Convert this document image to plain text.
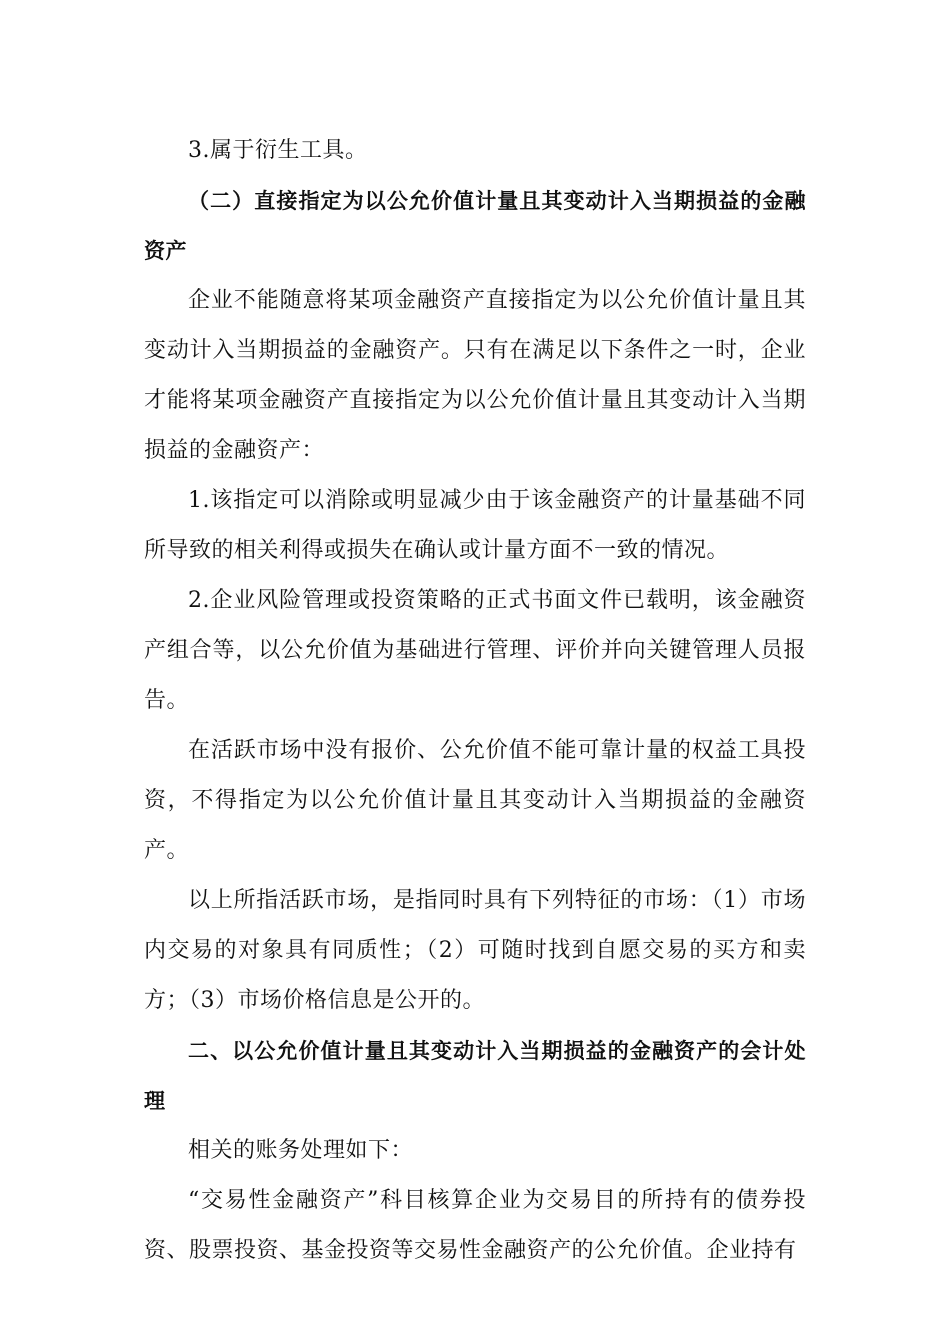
3.属于衍生工具。

（二）直接指定为以公允价值计量且其变动计入当期损益的金融资产

企业不能随意将某项金融资产直接指定为以公允价值计量且其变动计入当期损益的金融资产。只有在满足以下条件之一时，企业才能将某项金融资产直接指定为以公允价值计量且其变动计入当期损益的金融资产：

1.该指定可以消除或明显减少由于该金融资产的计量基础不同所导致的相关利得或损失在确认或计量方面不一致的情况。

2.企业风险管理或投资策略的正式书面文件已载明，该金融资产组合等，以公允价值为基础进行管理、评价并向关键管理人员报告。

在活跃市场中没有报价、公允价值不能可靠计量的权益工具投资，不得指定为以公允价值计量且其变动计入当期损益的金融资产。

以上所指活跃市场，是指同时具有下列特征的市场：（1）市场内交易的对象具有同质性；（2）可随时找到自愿交易的买方和卖方；（3）市场价格信息是公开的。

二、以公允价值计量且其变动计入当期损益的金融资产的会计处理

相关的账务处理如下：

“交易性金融资产”科目核算企业为交易目的所持有的债券投资、股票投资、基金投资等交易性金融资产的公允价值。企业持有
